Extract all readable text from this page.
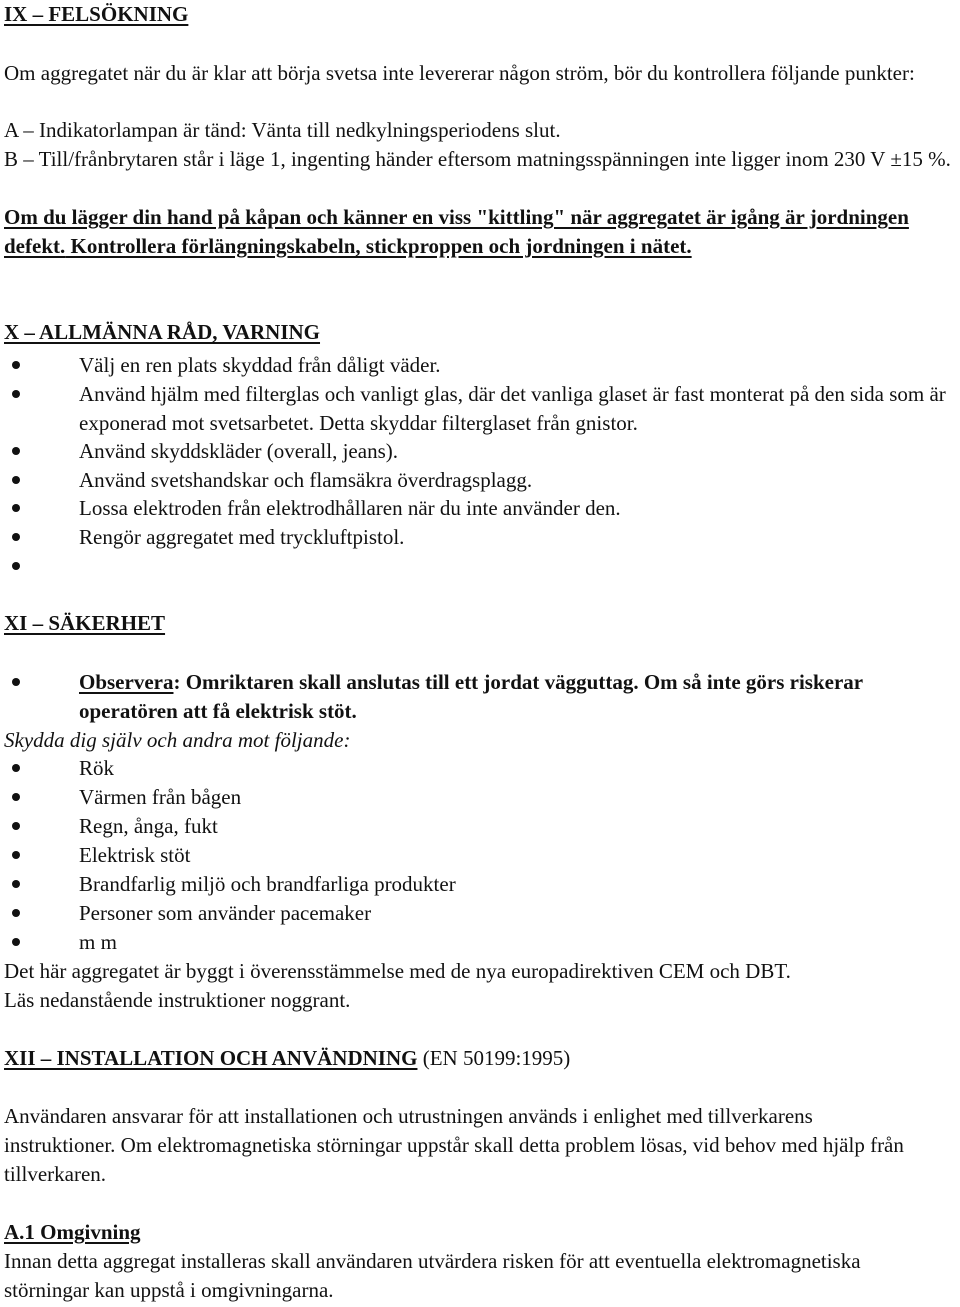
IX – FELSÖKNING
Om aggregatet när du är klar att börja svetsa inte levererar någon ström, bör du kontrollera följande punkter:
A – Indikatorlampan är tänd: Vänta till nedkylningsperiodens slut.
B – Till/frånbrytaren står i läge 1, ingenting händer eftersom matningsspänningen inte ligger inom 230 V ±15 %.
Om du lägger din hand på kåpan och känner en viss "kittling" när aggregatet är igång är jordningen defekt. Kontrollera förlängningskabeln, stickproppen och jordningen i nätet.
X – ALLMÄNNA RÅD, VARNING
Välj en ren plats skyddad från dåligt väder.
Använd hjälm med filterglas och vanligt glas, där det vanliga glaset är fast monterat på den sida som är exponerad mot svetsarbetet. Detta skyddar filterglaset från gnistor.
Använd skyddskläder (overall, jeans).
Använd svetshandskar och flamsäkra överdragsplagg.
Lossa elektroden från elektrodhållaren när du inte använder den.
Rengör aggregatet med tryckluftpistol.
XI – SÄKERHET
Observera: Omriktaren skall anslutas till ett jordat vägguttag. Om så inte görs riskerar operatören att få elektrisk stöt.
Skydda dig själv och andra mot följande:
Rök
Värmen från bågen
Regn, ånga, fukt
Elektrisk stöt
Brandfarlig miljö och brandfarliga produkter
Personer som använder pacemaker
m m
Det här aggregatet är byggt i överensstämmelse med de nya europadirektiven CEM och DBT.
Läs nedanstående instruktioner noggrant.
XII – INSTALLATION OCH ANVÄNDNING (EN 50199:1995)
Användaren ansvarar för att installationen och utrustningen används i enlighet med tillverkarens instruktioner. Om elektromagnetiska störningar uppstår skall detta problem lösas, vid behov med hjälp från tillverkaren.
A.1 Omgivning
Innan detta aggregat installeras skall användaren utvärdera risken för att eventuella elektromagnetiska störningar kan uppstå i omgivningarna.
